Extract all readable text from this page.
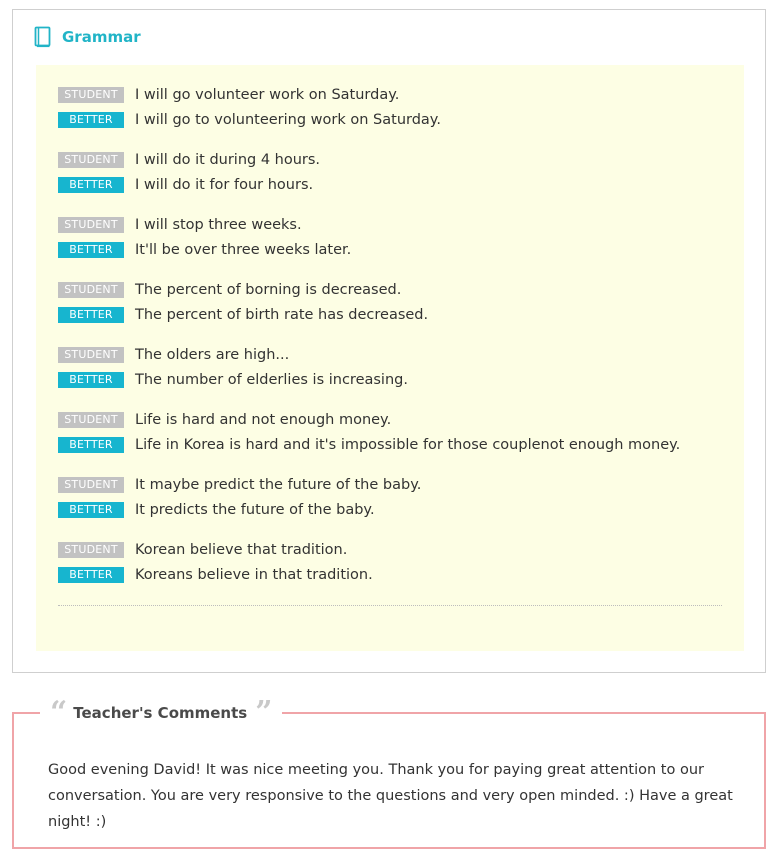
Grammar
STUDENT	I will go volunteer work on Saturday.
BETTER	I will go to volunteering work on Saturday.
STUDENT	I will do it during 4 hours.
BETTER	I will do it for four hours.
STUDENT	I will stop three weeks.
BETTER	It'll be over three weeks later.
STUDENT	The percent of borning is decreased.
BETTER	The percent of birth rate has decreased.
STUDENT	The olders are high...
BETTER	The number of elderlies is increasing.
STUDENT	Life is hard and not enough money.
BETTER	Life in Korea is hard and it's impossible for those couplenot enough money.
STUDENT	It maybe predict the future of the baby.
BETTER	It predicts the future of the baby.
STUDENT	Korean believe that tradition.
BETTER	Koreans believe in that tradition.
“ Teacher's Comments ”
Good evening David! It was nice meeting you. Thank you for paying great attention to our conversation. You are very responsive to the questions and very open minded. :) Have a great night! :)
